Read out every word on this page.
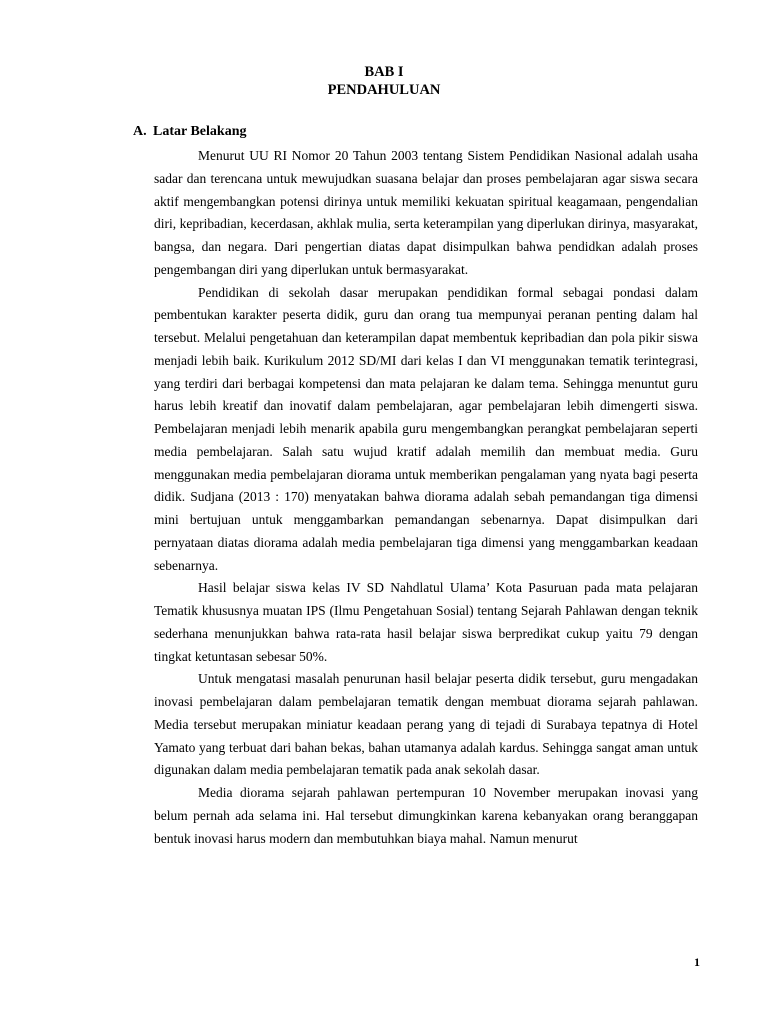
BAB I
PENDAHULUAN
A. Latar Belakang

Menurut UU RI Nomor 20 Tahun 2003 tentang Sistem Pendidikan Nasional adalah usaha sadar dan terencana untuk mewujudkan suasana belajar dan proses pembelajaran agar siswa secara aktif mengembangkan potensi dirinya untuk memiliki kekuatan spiritual keagamaan, pengendalian diri, kepribadian, kecerdasan, akhlak mulia, serta keterampilan yang diperlukan dirinya, masyarakat, bangsa, dan negara. Dari pengertian diatas dapat disimpulkan bahwa pendidkan adalah proses pengembangan diri yang diperlukan untuk bermasyarakat.

Pendidikan di sekolah dasar merupakan pendidikan formal sebagai pondasi dalam pembentukan karakter peserta didik, guru dan orang tua mempunyai peranan penting dalam hal tersebut. Melalui pengetahuan dan keterampilan dapat membentuk kepribadian dan pola pikir siswa menjadi lebih baik. Kurikulum 2012 SD/MI dari kelas I dan VI menggunakan tematik terintegrasi, yang terdiri dari berbagai kompetensi dan mata pelajaran ke dalam tema. Sehingga menuntut guru harus lebih kreatif dan inovatif dalam pembelajaran, agar pembelajaran lebih dimengerti siswa. Pembelajaran menjadi lebih menarik apabila guru mengembangkan perangkat pembelajaran seperti media pembelajaran. Salah satu wujud kratif adalah memilih dan membuat media. Guru menggunakan media pembelajaran diorama untuk memberikan pengalaman yang nyata bagi peserta didik. Sudjana (2013 : 170) menyatakan bahwa diorama adalah sebah pemandangan tiga dimensi mini bertujuan untuk menggambarkan pemandangan sebenarnya. Dapat disimpulkan dari pernyataan diatas diorama adalah media pembelajaran tiga dimensi yang menggambarkan keadaan sebenarnya.

Hasil belajar siswa kelas IV SD Nahdlatul Ulama’ Kota Pasuruan pada mata pelajaran Tematik khususnya muatan IPS (Ilmu Pengetahuan Sosial) tentang Sejarah Pahlawan dengan teknik sederhana menunjukkan bahwa rata-rata hasil belajar siswa berpredikat cukup yaitu 79 dengan tingkat ketuntasan sebesar 50%.

Untuk mengatasi masalah penurunan hasil belajar peserta didik tersebut, guru mengadakan inovasi pembelajaran dalam pembelajaran tematik dengan membuat diorama sejarah pahlawan. Media tersebut merupakan miniatur keadaan perang yang di tejadi di Surabaya tepatnya di Hotel Yamato yang terbuat dari bahan bekas, bahan utamanya adalah kardus. Sehingga sangat aman untuk digunakan dalam media pembelajaran tematik pada anak sekolah dasar.

Media diorama sejarah pahlawan pertempuran 10 November merupakan inovasi yang belum pernah ada selama ini. Hal tersebut dimungkinkan karena kebanyakan orang beranggapan bentuk inovasi harus modern dan membutuhkan biaya mahal. Namun menurut

1
